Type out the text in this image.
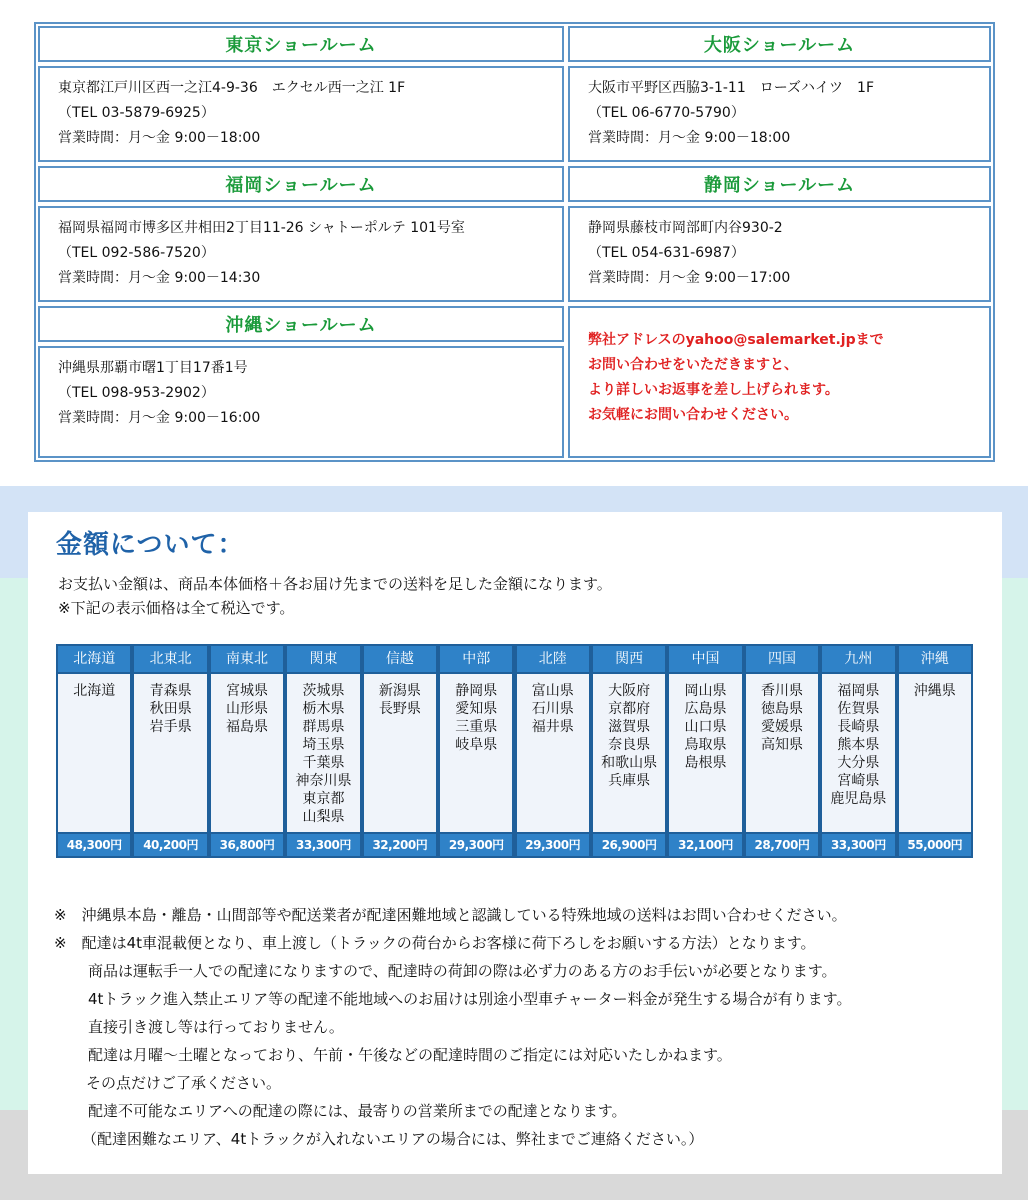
東京ショールーム
東京都江戸川区西一之江4-9-36　エクセル西一之江 1F
（TEL 03-5879-6925）
営業時間：月～金 9:00－18:00
大阪ショールーム
大阪市平野区西脇3-1-11　ローズハイツ　1F
（TEL 06-6770-5790）
営業時間：月～金 9:00－18:00
福岡ショールーム
福岡県福岡市博多区井相田2丁目11-26 シャトーポルテ 101号室
（TEL 092-586-7520）
営業時間：月～金 9:00－14:30
静岡ショールーム
静岡県藤枝市岡部町内谷930-2
（TEL 054-631-6987）
営業時間：月～金 9:00－17:00
沖縄ショールーム
沖縄県那覇市曙1丁目17番1号
（TEL 098-953-2902）
営業時間：月～金 9:00－16:00
弊社アドレスのyahoo@salemarket.jpまで
お問い合わせをいただきますと、
より詳しいお返事を差し上げられます。
お気軽にお問い合わせください。
金額について：
お支払い金額は、商品本体価格＋各お届け先までの送料を足した金額になります。
※下記の表示価格は全て税込です。
北海道
北海道
48,300円
北東北
青森県
秋田県
岩手県
40,200円
南東北
宮城県
山形県
福島県
36,800円
関東
茨城県
栃木県
群馬県
埼玉県
千葉県
神奈川県
東京都
山梨県
33,300円
信越
新潟県
長野県
32,200円
中部
静岡県
愛知県
三重県
岐阜県
29,300円
北陸
富山県
石川県
福井県
29,300円
関西
大阪府
京都府
滋賀県
奈良県
和歌山県
兵庫県
26,900円
中国
岡山県
広島県
山口県
鳥取県
島根県
32,100円
四国
香川県
徳島県
愛媛県
高知県
28,700円
九州
福岡県
佐賀県
長崎県
熊本県
大分県
宮崎県
鹿児島県
33,300円
沖縄
沖縄県
55,000円
※　沖縄県本島・離島・山間部等や配送業者が配達困難地域と認識している特殊地域の送料はお問い合わせください。
※　配達は4t車混載便となり、車上渡し（トラックの荷台からお客様に荷下ろしをお願いする方法）となります。
商品は運転手一人での配達になりますので、配達時の荷卸の際は必ず力のある方のお手伝いが必要となります。
4tトラック進入禁止エリア等の配達不能地域へのお届けは別途小型車チャーター料金が発生する場合が有ります。
直接引き渡し等は行っておりません。
配達は月曜～土曜となっており、午前・午後などの配達時間のご指定には対応いたしかねます。
その点だけご了承ください。
配達不可能なエリアへの配達の際には、最寄りの営業所までの配達となります。
（配達困難なエリア、4tトラックが入れないエリアの場合には、弊社までご連絡ください。）
